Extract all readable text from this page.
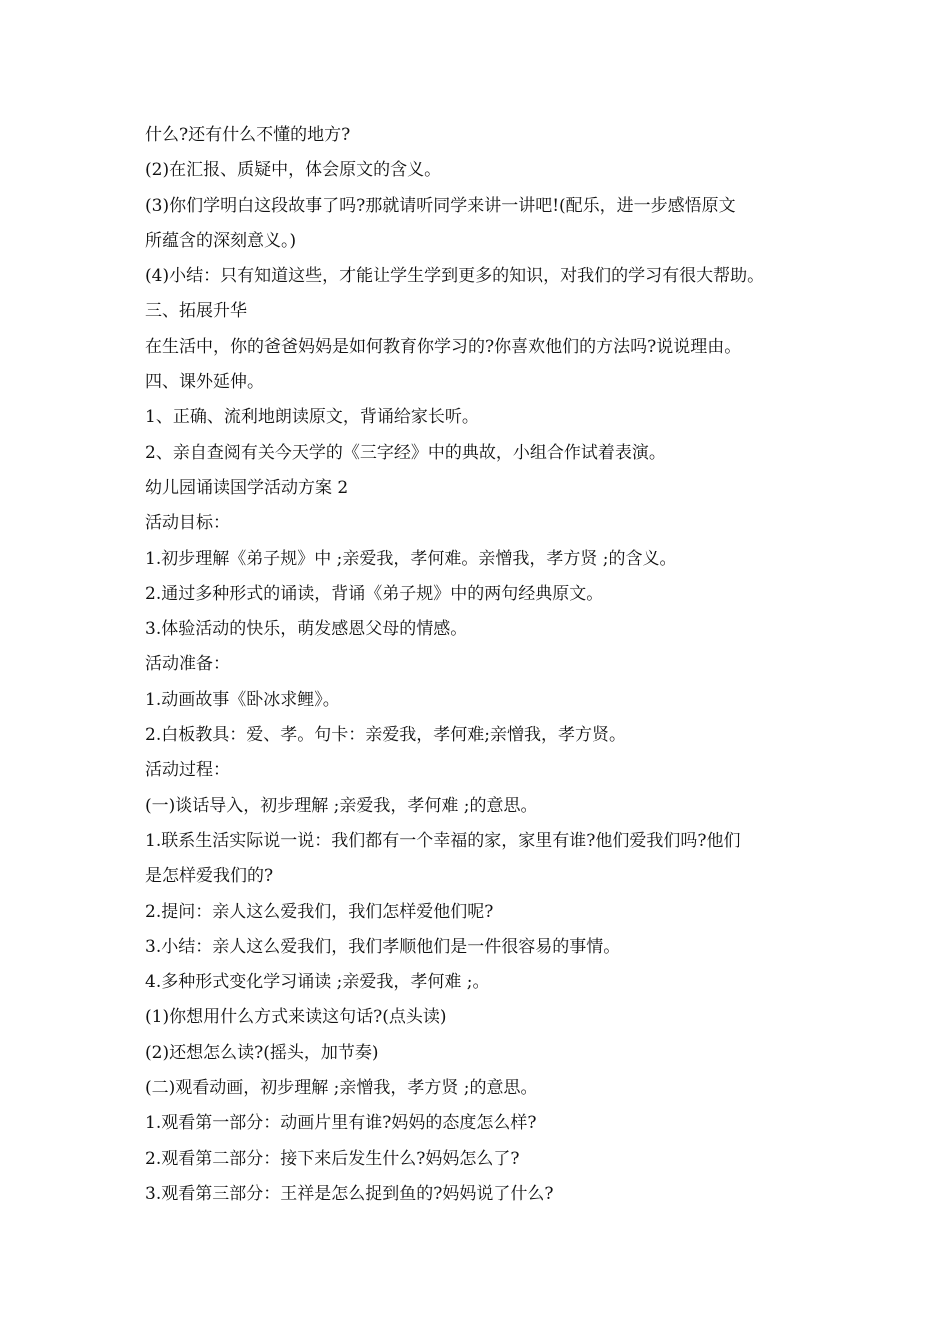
什么?还有什么不懂的地方?

(2)在汇报、质疑中，体会原文的含义。

(3)你们学明白这段故事了吗?那就请听同学来讲一讲吧!(配乐，进一步感悟原文

所蕴含的深刻意义。)

(4)小结：只有知道这些，才能让学生学到更多的知识，对我们的学习有很大帮助。

三、拓展升华

在生活中，你的爸爸妈妈是如何教育你学习的?你喜欢他们的方法吗?说说理由。

四、课外延伸。

1、正确、流利地朗读原文，背诵给家长听。

2、亲自查阅有关今天学的《三字经》中的典故，小组合作试着表演。

幼儿园诵读国学活动方案 2

活动目标：

1.初步理解《弟子规》中 ;亲爱我，孝何难。亲憎我，孝方贤 ;的含义。

2.通过多种形式的诵读，背诵《弟子规》中的两句经典原文。

3.体验活动的快乐，萌发感恩父母的情感。

活动准备：

1.动画故事《卧冰求鲤》。

2.白板教具：爱、孝。句卡：亲爱我，孝何难;亲憎我，孝方贤。

活动过程：

(一)谈话导入，初步理解 ;亲爱我，孝何难 ;的意思。

1.联系生活实际说一说：我们都有一个幸福的家，家里有谁?他们爱我们吗?他们

是怎样爱我们的?

2.提问：亲人这么爱我们，我们怎样爱他们呢?

3.小结：亲人这么爱我们，我们孝顺他们是一件很容易的事情。

4.多种形式变化学习诵读 ;亲爱我，孝何难 ;。

(1)你想用什么方式来读这句话?(点头读)

(2)还想怎么读?(摇头，加节奏)

(二)观看动画，初步理解 ;亲憎我，孝方贤 ;的意思。

1.观看第一部分：动画片里有谁?妈妈的态度怎么样?

2.观看第二部分：接下来后发生什么?妈妈怎么了?

3.观看第三部分：王祥是怎么捉到鱼的?妈妈说了什么?
